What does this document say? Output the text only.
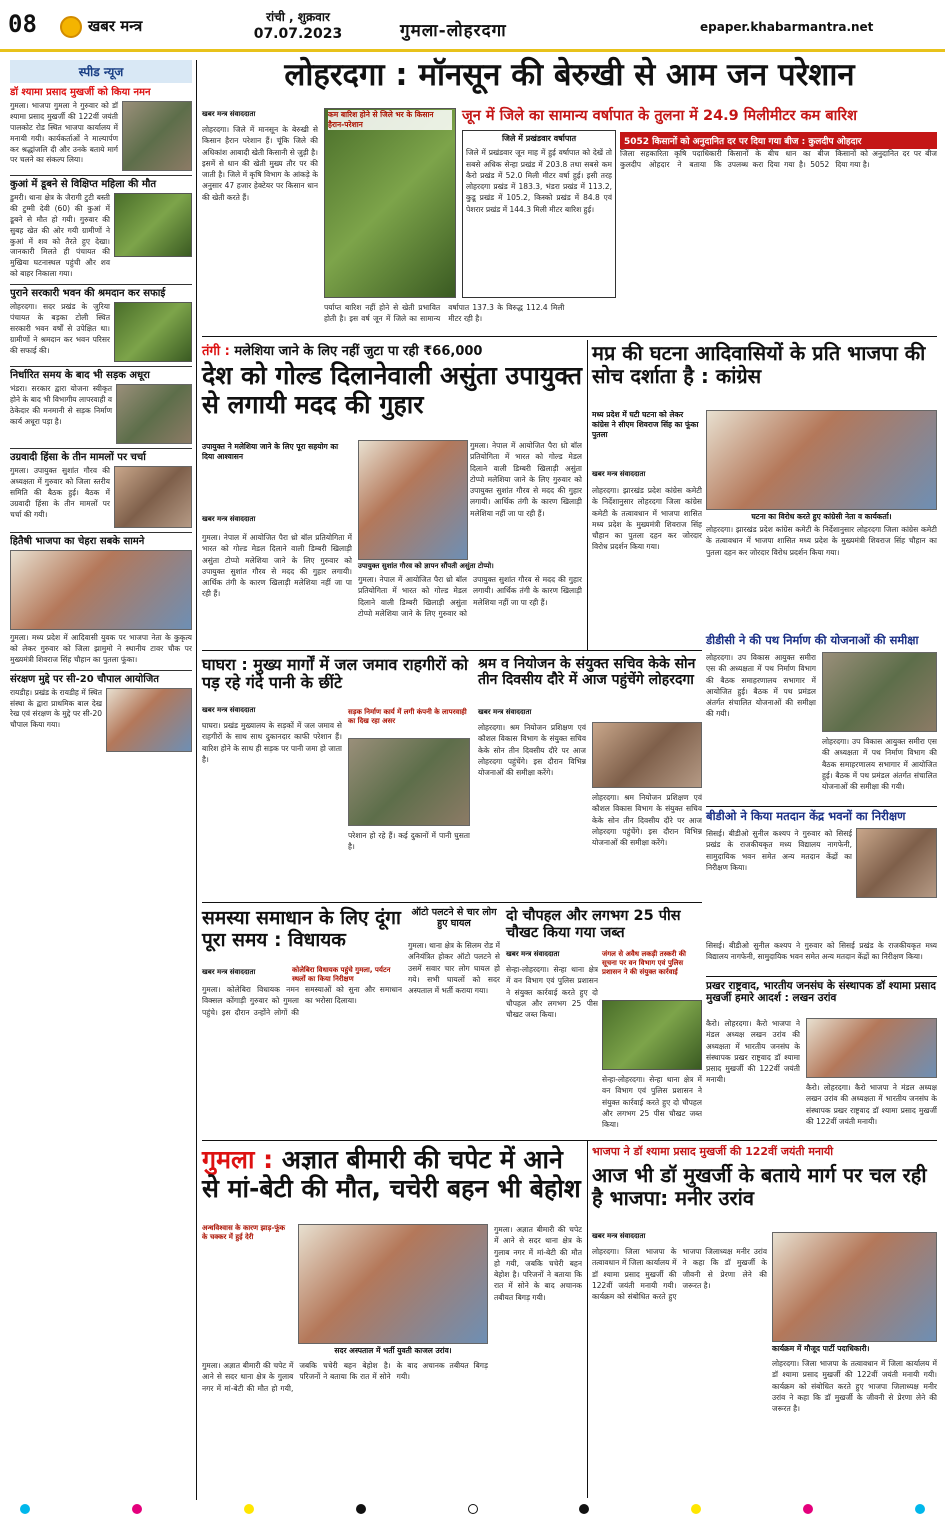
08	खबर मन्त्र	रांची , शुक्रवार
07.07.2023	गुमला-लोहरदगा	epaper.khabarmantra.net
स्पीड न्यूज
डॉ श्यामा प्रसाद मुखर्जी को किया नमन
गुमला। भाजपा गुमला ने गुरुवार को डॉ श्यामा प्रसाद मुखर्जी की 122वीं जयंती पालकोट रोड स्थित भाजपा कार्यालय में मनायी गयी। कार्यकर्ताओं ने माल्यार्पण कर श्रद्धांजलि दी और उनके बताये मार्ग पर चलने का संकल्प लिया।
कुआं में डूबने से विक्षिप्त महिला की मौत
डुमरी। थाना क्षेत्र के जैरागी टुटी बस्ती की टुम्मी देवी (60) की कुआं में डूबने से मौत हो गयी। गुरुवार की सुबह खेत की ओर गयी ग्रामीणों ने कुआं में शव को तैरते हुए देखा। जानकारी मिलते ही पंचायत की मुखिया घटनास्थल पहुंची और शव को बाहर निकाला गया।
पुराने सरकारी भवन की श्रमदान कर सफाई
लोहरदगा। सदर प्रखंड के जुरिया पंचायत के बड़का टोली स्थित सरकारी भवन वर्षों से उपेक्षित था। ग्रामीणों ने श्रमदान कर भवन परिसर की सफाई की।
निर्धारित समय के बाद भी सड़क अधूरा
भंडरा। सरकार द्वारा योजना स्वीकृत होने के बाद भी विभागीय लापरवाही व ठेकेदार की मनमानी से सड़क निर्माण कार्य अधूरा पड़ा है।
उग्रवादी हिंसा के तीन मामलों पर चर्चा
गुमला। उपायुक्त सुशांत गौरव की अध्यक्षता में गुरुवार को जिला स्तरीय समिति की बैठक हुई। बैठक में उग्रवादी हिंसा के तीन मामलों पर चर्चा की गयी।
हितैषी भाजपा का चेहरा सबके सामने
गुमला। मध्य प्रदेश में आदिवासी युवक पर भाजपा नेता के कुकृत्य को लेकर गुरुवार को जिला झामुमो ने स्थानीय टावर चौक पर मुख्यमंत्री शिवराज सिंह चौहान का पुतला फूंका।
संरक्षण मुद्दे पर सी-20 चौपाल आयोजित
रायडीह। प्रखंड के रायडीह में स्थित संस्था के द्वारा प्राथमिक बाल देख रेख एवं संरक्षण के मुद्दे पर सी-20 चौपाल किया गया।
लोहरदगा : मॉनसून की बेरुखी से आम जन परेशान
खबर मन्त्र संवाददाता
लोहरदगा। जिले में मानसून के बेरुखी से किसान हैरान परेशान हैं। चूंकि जिले की अधिकांश आबादी खेती किसानी से जुड़ी है। इसमें से धान की खेती मुख्य तौर पर की जाती है। जिले में कृषि विभाग के आंकड़े के अनुसार 47 हजार हेक्टेयर पर किसान धान की खेती करते हैं।
कम बारिश होने से जिले भर के किसान हैरान-परेशान
जून में जिले का सामान्य वर्षापात के तुलना में 24.9 मिलीमीटर कम बारिश
जिले में प्रखंडवार वर्षापात
जिले में प्रखंडवार जून माह में हुई वर्षापात को देखें तो सबसे अधिक सेन्हा प्रखंड में 203.8 तथा सबसे कम कैरो प्रखंड में 52.0 मिली मीटर वर्षा हुई। इसी तरह लोहरदगा प्रखंड में 183.3, भंडरा प्रखंड में 113.2, कुडू प्रखंड में 105.2, किस्को प्रखंड में 84.8 एवं पेशरार प्रखंड में 144.3 मिली मीटर बारिश हुई।
5052 किसानों को अनुदानित दर पर दिया गया बीज : कुलदीप ओहदार
जिला सहकारिता कृषि पदाधिकारी कुलदीप ओहदार ने बताया कि किसानों के बीच धान का बीज उपलब्ध करा दिया गया है। 5052 किसानों को अनुदानित दर पर बीज दिया गया है।
पर्याप्त बारिश नहीं होने से खेती प्रभावित होती है। इस वर्ष जून में जिले का सामान्य वर्षापात 137.3 के विरुद्ध 112.4 मिली मीटर रही है।
तंगी : मलेशिया जाने के लिए नहीं जुटा पा रही ₹66,000
देश को गोल्ड दिलानेवाली असुंता उपायुक्त से लगायी मदद की गुहार
उपायुक्त ने मलेशिया जाने के लिए पूरा सहयोग का दिया आश्वासन
खबर मन्त्र संवाददाता
गुमला। नेपाल में आयोजित पैरा थ्रो बॉल प्रतियोगिता में भारत को गोल्ड मेडल दिलाने वाली डिम्बरी खिलाड़ी असुंता टोप्पो मलेशिया जाने के लिए गुरुवार को उपायुक्त सुशांत गौरव से मदद की गुहार लगायी। आर्थिक तंगी के कारण खिलाड़ी मलेशिया नहीं जा पा रही हैं।
उपायुक्त सुशांत गौरव को ज्ञापन सौंपती असुंता टोप्पो।
गुमला। नेपाल में आयोजित पैरा थ्रो बॉल प्रतियोगिता में भारत को गोल्ड मेडल दिलाने वाली डिम्बरी खिलाड़ी असुंता टोप्पो मलेशिया जाने के लिए गुरुवार को उपायुक्त सुशांत गौरव से मदद की गुहार लगायी। आर्थिक तंगी के कारण खिलाड़ी मलेशिया नहीं जा पा रही हैं।
गुमला। नेपाल में आयोजित पैरा थ्रो बॉल प्रतियोगिता में भारत को गोल्ड मेडल दिलाने वाली डिम्बरी खिलाड़ी असुंता टोप्पो मलेशिया जाने के लिए गुरुवार को उपायुक्त सुशांत गौरव से मदद की गुहार लगायी। आर्थिक तंगी के कारण खिलाड़ी मलेशिया नहीं जा पा रही हैं।
मप्र की घटना आदिवासियों के प्रति भाजपा की सोच दर्शाता है : कांग्रेस
मध्य प्रदेश में घटी घटना को लेकर कांग्रेस ने सीएम शिवराज सिंह का फूंका पुतला
खबर मन्त्र संवाददाता
लोहरदगा। झारखंड प्रदेश कांग्रेस कमेटी के निर्देशानुसार लोहरदगा जिला कांग्रेस कमेटी के तत्वावधान में भाजपा शासित मध्य प्रदेश के मुख्यमंत्री शिवराज सिंह चौहान का पुतला दहन कर जोरदार विरोध प्रदर्शन किया गया।
घटना का विरोध करते हुए कांग्रेसी नेता व कार्यकर्ता।
लोहरदगा। झारखंड प्रदेश कांग्रेस कमेटी के निर्देशानुसार लोहरदगा जिला कांग्रेस कमेटी के तत्वावधान में भाजपा शासित मध्य प्रदेश के मुख्यमंत्री शिवराज सिंह चौहान का पुतला दहन कर जोरदार विरोध प्रदर्शन किया गया।
डीडीसी ने की पथ निर्माण की योजनाओं की समीक्षा
लोहरदगा। उप विकास आयुक्त समीरा एस की अध्यक्षता में पथ निर्माण विभाग की बैठक समाहरणालय सभागार में आयोजित हुई। बैठक में पथ प्रमंडल अंतर्गत संचालित योजनाओं की समीक्षा की गयी।
लोहरदगा। उप विकास आयुक्त समीरा एस की अध्यक्षता में पथ निर्माण विभाग की बैठक समाहरणालय सभागार में आयोजित हुई। बैठक में पथ प्रमंडल अंतर्गत संचालित योजनाओं की समीक्षा की गयी।
घाघरा : मुख्य मार्गों में जल जमाव राहगीरों को पड़ रहे गंदे पानी के छींटे
खबर मन्त्र संवाददाता
घाघरा। प्रखंड मुख्यालय के सड़कों में जल जमाव से राहगीरों के साथ साथ दुकानदार काफी परेशान हैं। बारिश होने के साथ ही सड़क पर पानी जमा हो जाता है।
सड़क निर्माण कार्य में लगी कंपनी के लापरवाही का दिख रहा असर
परेशान हो रहे हैं। कई दुकानों में पानी घुसता है।
श्रम व नियोजन के संयुक्त सचिव केके सोन तीन दिवसीय दौरे में आज पहुंचेंगे लोहरदगा
खबर मन्त्र संवाददाता
लोहरदगा। श्रम नियोजन प्रशिक्षण एवं कौशल विकास विभाग के संयुक्त सचिव केके सोन तीन दिवसीय दौरे पर आज लोहरदगा पहुंचेंगे। इस दौरान विभिन्न योजनाओं की समीक्षा करेंगे।
लोहरदगा। श्रम नियोजन प्रशिक्षण एवं कौशल विकास विभाग के संयुक्त सचिव केके सोन तीन दिवसीय दौरे पर आज लोहरदगा पहुंचेंगे। इस दौरान विभिन्न योजनाओं की समीक्षा करेंगे।
समस्या समाधान के लिए दूंगा पूरा समय : विधायक
खबर मन्त्र संवाददाता	कोलेबिरा विधायक पहुंचे गुमला, पर्यटन स्थलों का किया निरीक्षण
गुमला। कोलेबिरा विधायक नमन विक्सल कोंगाड़ी गुरुवार को गुमला पहुंचे। इस दौरान उन्होंने लोगों की समस्याओं को सुना और समाधान का भरोसा दिलाया।
ऑटो पलटने से चार लोग हुए घायल
गुमला। थाना क्षेत्र के सिलम रोड में अनियंत्रित होकर ऑटो पलटने से उसमें सवार चार लोग घायल हो गये। सभी घायलों को सदर अस्पताल में भर्ती कराया गया।
दो चौपहल और लगभग 25 पीस चौखट किया गया जब्त
खबर मन्त्र संवाददाता	जंगल से अवैध लकड़ी तस्करी की सूचना पर वन विभाग एवं पुलिस प्रशासन ने की संयुक्त कार्रवाई
सेन्हा-लोहरदगा। सेन्हा थाना क्षेत्र में वन विभाग एवं पुलिस प्रशासन ने संयुक्त कार्रवाई करते हुए दो चौपहल और लगभग 25 पीस चौखट जब्त किया।
सेन्हा-लोहरदगा। सेन्हा थाना क्षेत्र में वन विभाग एवं पुलिस प्रशासन ने संयुक्त कार्रवाई करते हुए दो चौपहल और लगभग 25 पीस चौखट जब्त किया।
बीडीओ ने किया मतदान केंद्र भवनों का निरीक्षण
सिसई। बीडीओ सुनील कश्यप ने गुरुवार को सिसई प्रखंड के राजकीयकृत मध्य विद्यालय नागफेनी, सामुदायिक भवन समेत अन्य मतदान केंद्रों का निरीक्षण किया।
सिसई। बीडीओ सुनील कश्यप ने गुरुवार को सिसई प्रखंड के राजकीयकृत मध्य विद्यालय नागफेनी, सामुदायिक भवन समेत अन्य मतदान केंद्रों का निरीक्षण किया।
प्रखर राष्ट्रवाद, भारतीय जनसंघ के संस्थापक डॉ श्यामा प्रसाद मुखर्जी हमारे आदर्श : लखन उरांव
कैरो। लोहरदगा। कैरो भाजपा ने मंडल अध्यक्ष लखन उरांव की अध्यक्षता में भारतीय जनसंघ के संस्थापक प्रखर राष्ट्रवाद डॉ श्यामा प्रसाद मुखर्जी की 122वीं जयंती मनायी।
कैरो। लोहरदगा। कैरो भाजपा ने मंडल अध्यक्ष लखन उरांव की अध्यक्षता में भारतीय जनसंघ के संस्थापक प्रखर राष्ट्रवाद डॉ श्यामा प्रसाद मुखर्जी की 122वीं जयंती मनायी।
गुमला : अज्ञात बीमारी की चपेट में आने से मां-बेटी की मौत, चचेरी बहन भी बेहोश
अन्धविश्वास के कारण झाड़-फूंक के चक्कर में हुई देरी
सदर अस्पताल में भर्ती युवती काजल उरांव।
गुमला। अज्ञात बीमारी की चपेट में आने से सदर थाना क्षेत्र के गुलाब नगर में मां-बेटी की मौत हो गयी, जबकि चचेरी बहन बेहोश है। परिजनों ने बताया कि रात में सोने के बाद अचानक तबीयत बिगड़ गयी।
गुमला। अज्ञात बीमारी की चपेट में आने से सदर थाना क्षेत्र के गुलाब नगर में मां-बेटी की मौत हो गयी, जबकि चचेरी बहन बेहोश है। परिजनों ने बताया कि रात में सोने के बाद अचानक तबीयत बिगड़ गयी।
भाजपा ने डॉ श्यामा प्रसाद मुखर्जी की 122वीं जयंती मनायी
आज भी डॉ मुखर्जी के बताये मार्ग पर चल रही है भाजपा: मनीर उरांव
खबर मन्त्र संवाददाता
लोहरदगा। जिला भाजपा के तत्वावधान में जिला कार्यालय में डॉ श्यामा प्रसाद मुखर्जी की 122वीं जयंती मनायी गयी। कार्यक्रम को संबोधित करते हुए भाजपा जिलाध्यक्ष मनीर उरांव ने कहा कि डॉ मुखर्जी के जीवनी से प्रेरणा लेने की जरूरत है।
कार्यक्रम में मौजूद पार्टी पदाधिकारी।
लोहरदगा। जिला भाजपा के तत्वावधान में जिला कार्यालय में डॉ श्यामा प्रसाद मुखर्जी की 122वीं जयंती मनायी गयी। कार्यक्रम को संबोधित करते हुए भाजपा जिलाध्यक्ष मनीर उरांव ने कहा कि डॉ मुखर्जी के जीवनी से प्रेरणा लेने की जरूरत है।
